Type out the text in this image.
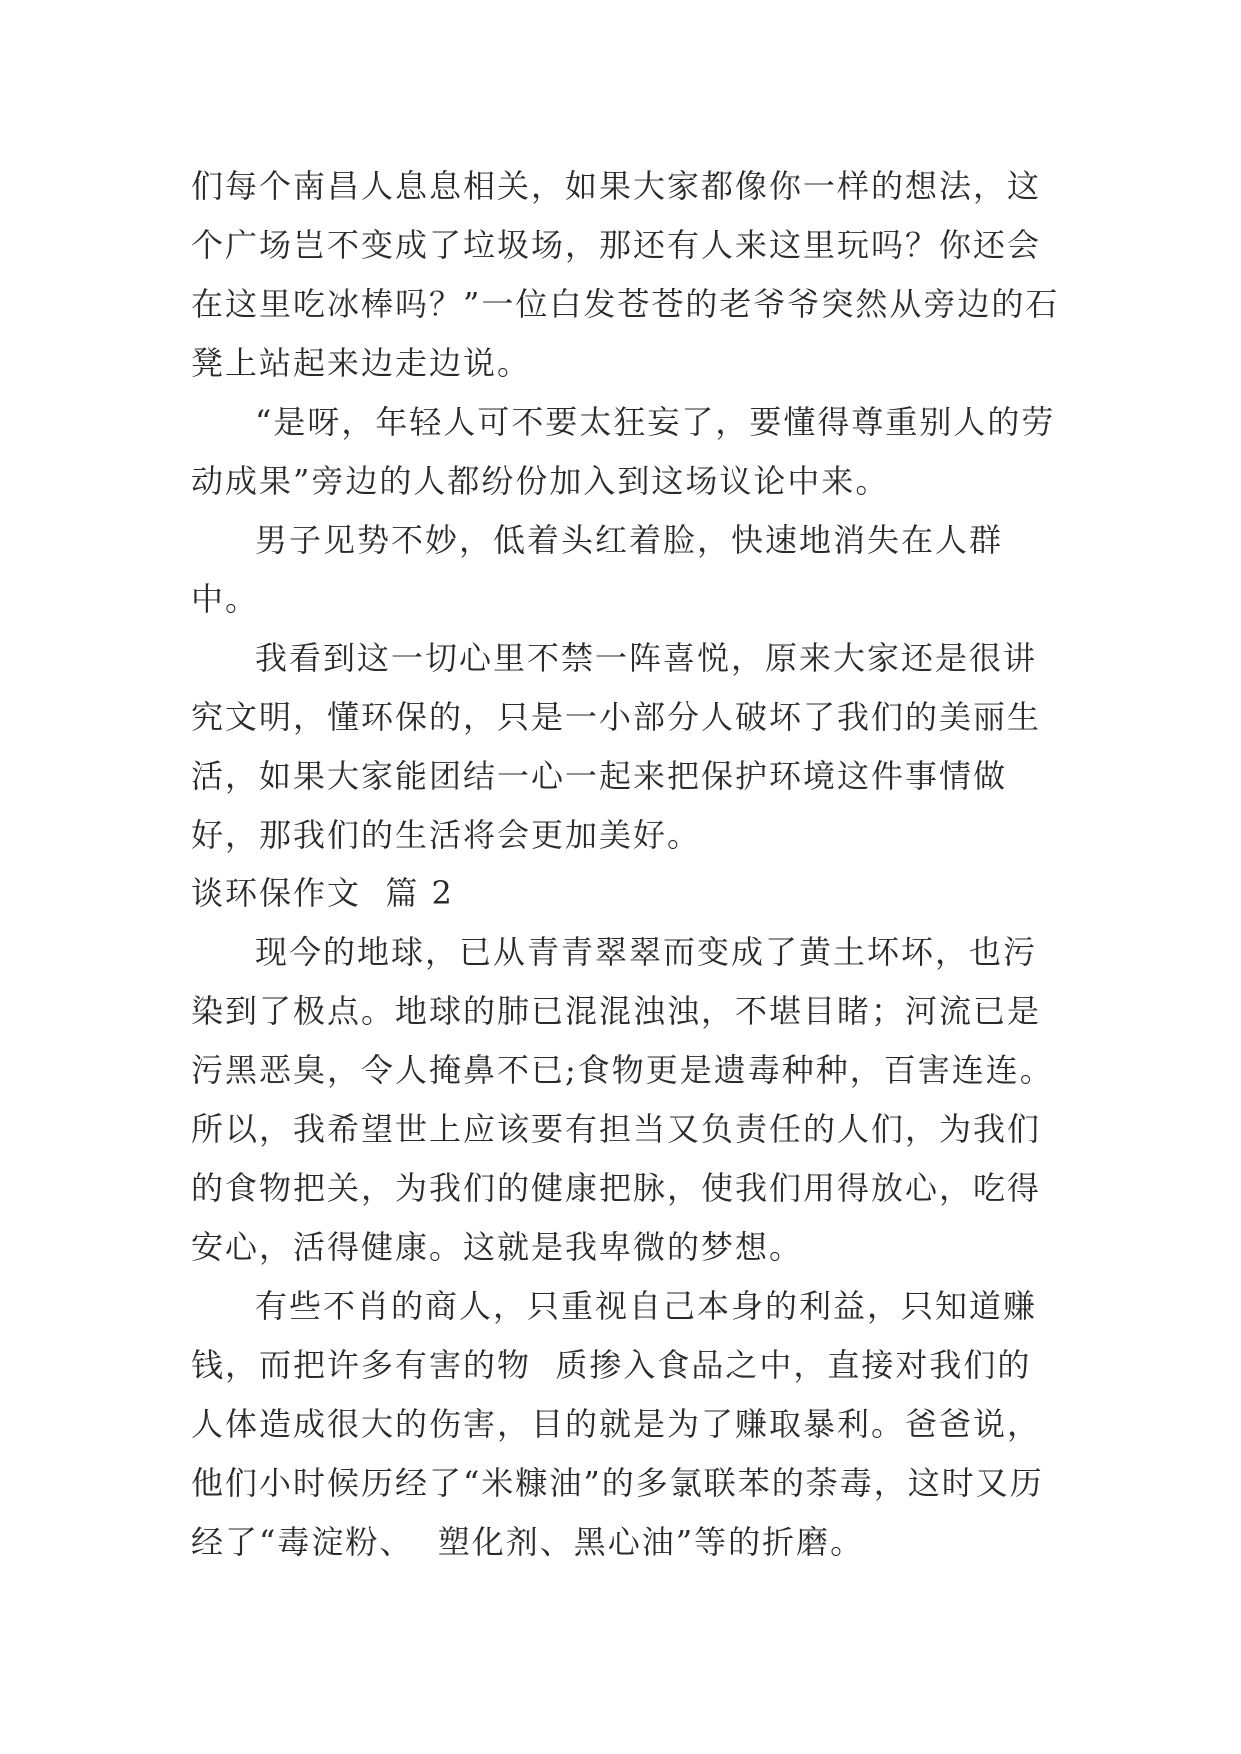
们每个南昌人息息相关，如果大家都像你一样的想法，这个广场岂不变成了垃圾场，那还有人来这里玩吗？你还会在这里吃冰棒吗？”一位白发苍苍的老爷爷突然从旁边的石凳上站起来边走边说。

“是呀，年轻人可不要太狂妄了，要懂得尊重别人的劳动成果”旁边的人都纷份加入到这场议论中来。

男子见势不妙，低着头红着脸，快速地消失在人群中。

我看到这一切心里不禁一阵喜悦，原来大家还是很讲究文明，懂环保的，只是一小部分人破坏了我们的美丽生活，如果大家能团结一心一起来把保护环境这件事情做好，那我们的生活将会更加美好。

谈环保作文  篇 2

现今的地球，已从青青翠翠而变成了黄土坏坏，也污染到了极点。地球的肺已混混浊浊，不堪目睹；河流已是污黑恶臭，令人掩鼻不已;食物更是遗毒种种，百害连连。所以，我希望世上应该要有担当又负责任的人们，为我们的食物把关，为我们的健康把脉，使我们用得放心，吃得安心，活得健康。这就是我卑微的梦想。

有些不肖的商人，只重视自己本身的利益，只知道赚钱，而把许多有害的物  质掺入食品之中，直接对我们的人体造成很大的伤害，目的就是为了赚取暴利。爸爸说，他们小时候历经了“米糠油”的多氯联苯的荼毒，这时又历经了“毒淀粉、  塑化剂、黑心油”等的折磨。
